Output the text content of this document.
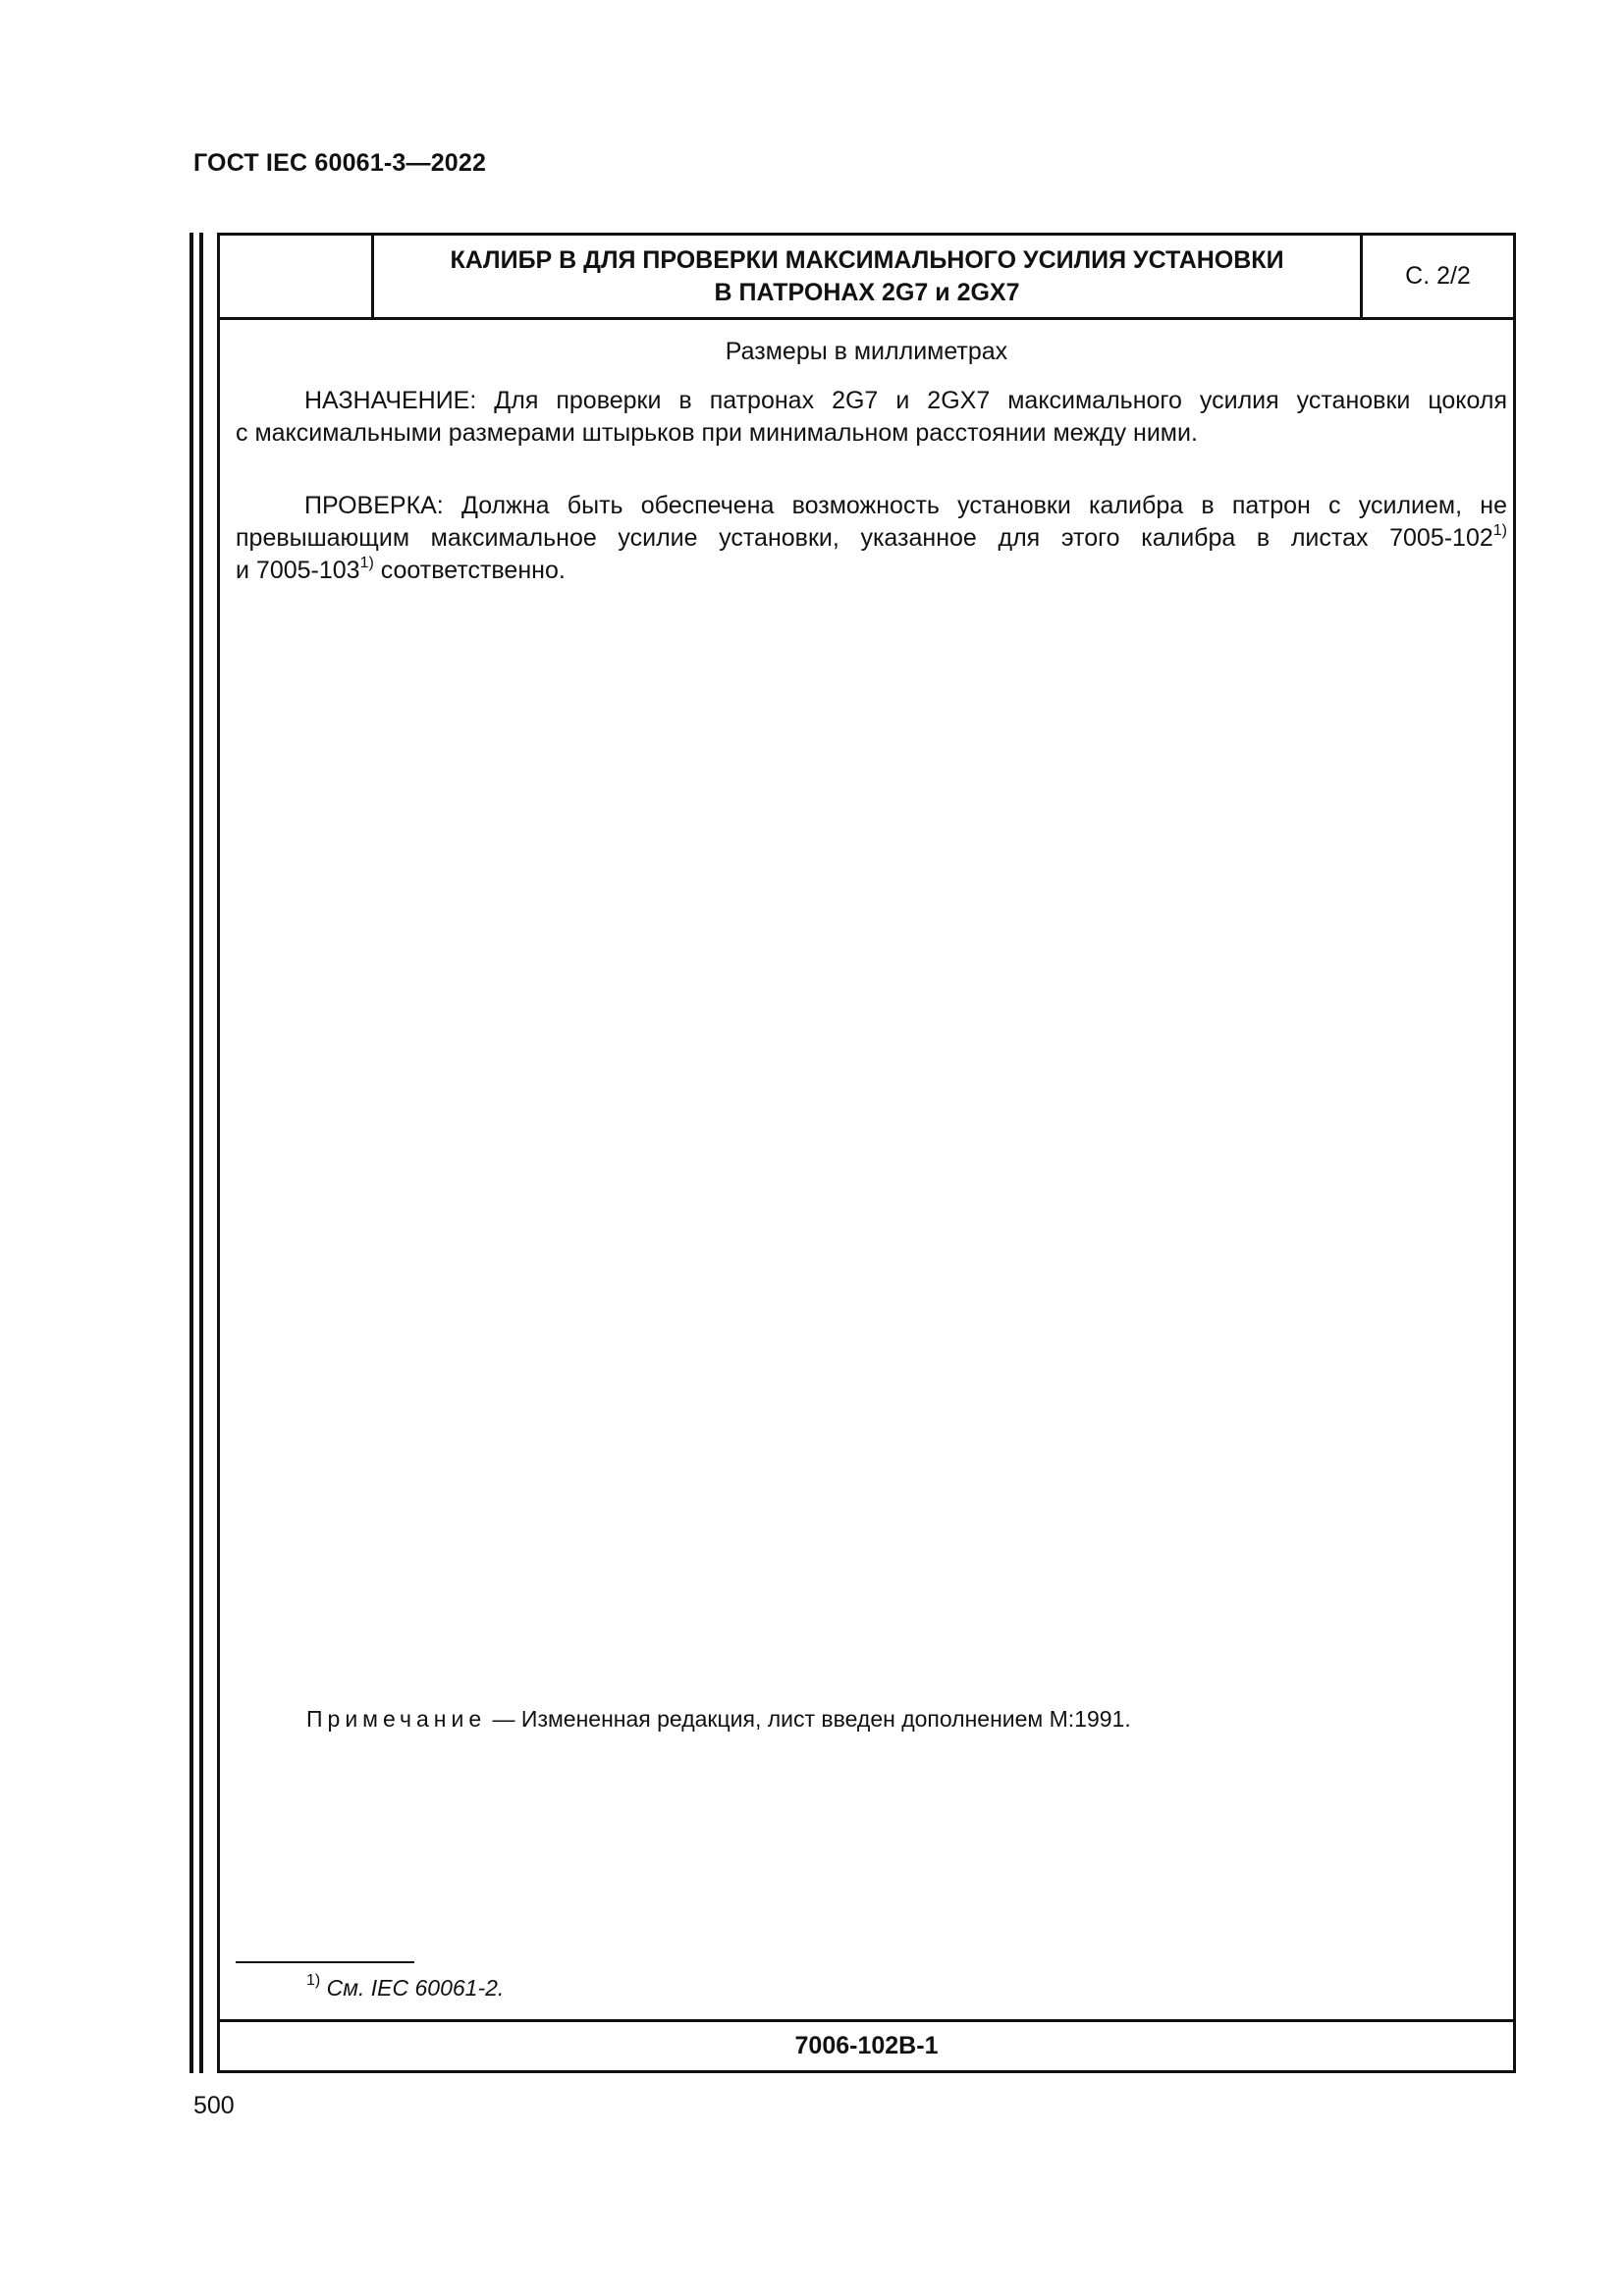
ГОСТ IEC 60061-3—2022
КАЛИБР B ДЛЯ ПРОВЕРКИ МАКСИМАЛЬНОГО УСИЛИЯ УСТАНОВКИ
В ПАТРОНАХ 2G7 и 2GX7
С. 2/2
Размеры в миллиметрах
НАЗНАЧЕНИЕ: Для проверки в патронах 2G7 и 2GX7 максимального усилия установки цоколя
с максимальными размерами штырьков при минимальном расстоянии между ними.
ПРОВЕРКА: Должна быть обеспечена возможность установки калибра в патрон с усилием, не
превышающим максимальное усилие установки, указанное для этого калибра в листах 7005-102$^{1)}$
и 7005-103$^{1)}$ соответственно.
Примечание — Измененная редакция, лист введен дополнением M:1991.
$^{1)}$ См. IEC 60061-2.
7006-102B-1
500
